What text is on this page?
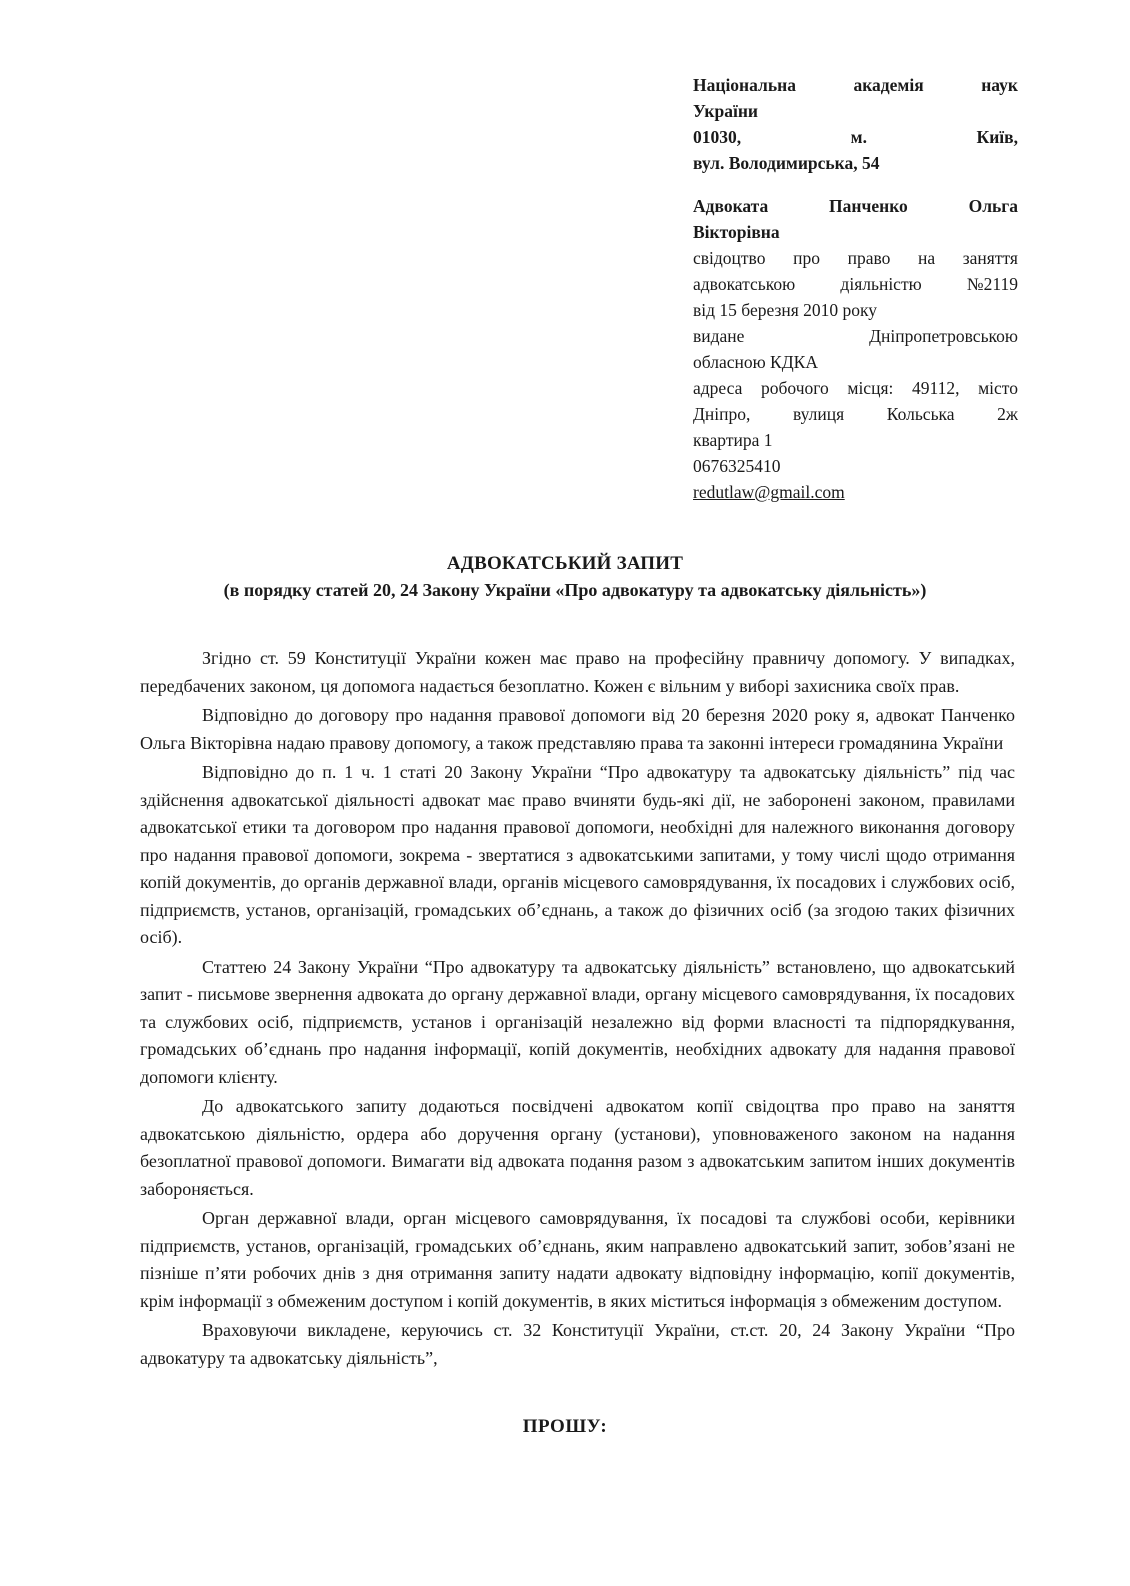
Національна	академія	наук
України
01030,	м.	Київ,
вул. Володимирська, 54
Адвоката	Панченко	Ольга
Вікторівна
свідоцтво про право на заняття
адвокатською	діяльністю	№2119
від 15 березня 2010 року
видане	Дніпропетровською
обласною КДКА
адреса робочого місця: 49112, місто
Дніпро, вулиця Кольська 2ж
квартира 1
0676325410
redutlaw@gmail.com
АДВОКАТСЬКИЙ ЗАПИТ
(в порядку статей 20, 24 Закону України «Про адвокатуру та адвокатську діяльність»)

Згідно ст. 59 Конституції України кожен має право на професійну правничу допомогу. У випадках, передбачених законом, ця допомога надається безоплатно. Кожен є вільним у виборі захисника своїх прав.

Відповідно до договору про надання правової допомоги від 20 березня 2020 року я, адвокат Панченко Ольга Вікторівна надаю правову допомогу, а також представляю права та законні інтереси громадянина України

Відповідно до п. 1 ч. 1 статі 20 Закону України “Про адвокатуру та адвокатську діяльність” під час здійснення адвокатської діяльності адвокат має право вчиняти будь-які дії, не заборонені законом, правилами адвокатської етики та договором про надання правової допомоги, необхідні для належного виконання договору про надання правової допомоги, зокрема - звертатися з адвокатськими запитами, у тому числі щодо отримання копій документів, до органів державної влади, органів місцевого самоврядування, їх посадових і службових осіб, підприємств, установ, організацій, громадських об’єднань, а також до фізичних осіб (за згодою таких фізичних осіб).

Статтею 24 Закону України “Про адвокатуру та адвокатську діяльність” встановлено, що адвокатський запит - письмове звернення адвоката до органу державної влади, органу місцевого самоврядування, їх посадових та службових осіб, підприємств, установ і організацій незалежно від форми власності та підпорядкування, громадських об’єднань про надання інформації, копій документів, необхідних адвокату для надання правової допомоги клієнту.

До адвокатського запиту додаються посвідчені адвокатом копії свідоцтва про право на заняття адвокатською діяльністю, ордера або доручення органу (установи), уповноваженого законом на надання безоплатної правової допомоги. Вимагати від адвоката подання разом з адвокатським запитом інших документів забороняється.

Орган державної влади, орган місцевого самоврядування, їх посадові та службові особи, керівники підприємств, установ, організацій, громадських об’єднань, яким направлено адвокатський запит, зобов’язані не пізніше п’яти робочих днів з дня отримання запиту надати адвокату відповідну інформацію, копії документів, крім інформації з обмеженим доступом і копій документів, в яких міститься інформація з обмеженим доступом.

Враховуючи викладене, керуючись ст. 32 Конституції України, ст.ст. 20, 24 Закону України “Про адвокатуру та адвокатську діяльність”,

ПРОШУ:
